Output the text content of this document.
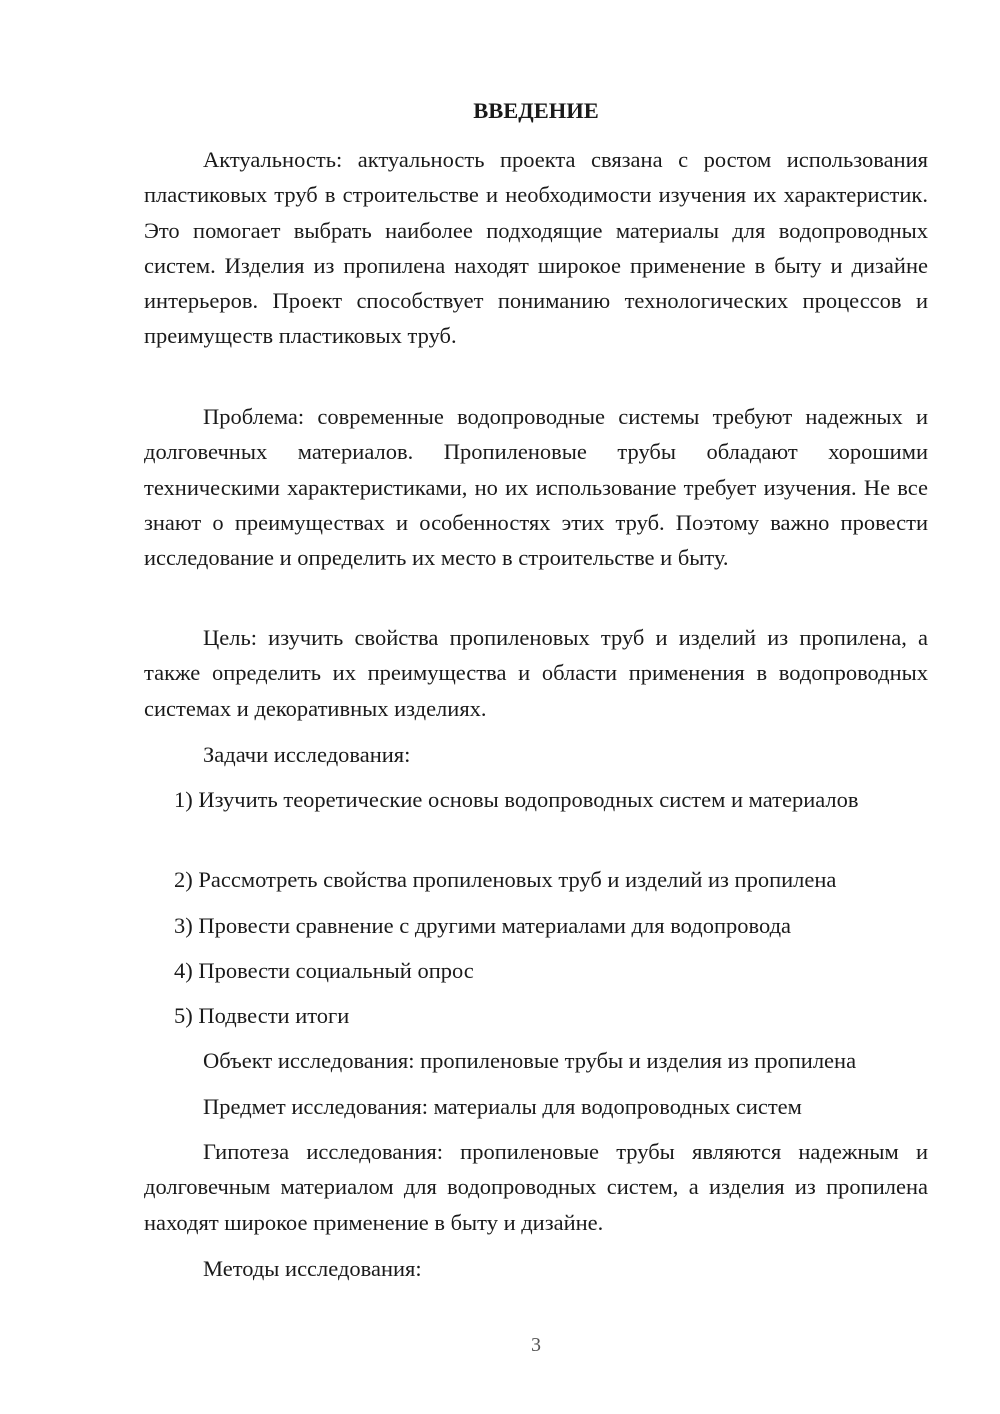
ВВЕДЕНИЕ

Актуальность: актуальность проекта связана с ростом использования пластиковых труб в строительстве и необходимости изучения их характеристик. Это помогает выбрать наиболее подходящие материалы для водопроводных систем. Изделия из пропилена находят широкое применение в быту и дизайне интерьеров. Проект способствует пониманию технологических процессов и преимуществ пластиковых труб.

Проблема: современные водопроводные системы требуют надежных и долговечных материалов. Пропиленовые трубы обладают хорошими техническими характеристиками, но их использование требует изучения. Не все знают о преимуществах и особенностях этих труб. Поэтому важно провести исследование и определить их место в строительстве и быту.

Цель: изучить свойства пропиленовых труб и изделий из пропилена, а также определить их преимущества и области применения в водопроводных системах и декоративных изделиях.

Задачи исследования:

1) Изучить теоретические основы водопроводных систем и материалов

2) Рассмотреть свойства пропиленовых труб и изделий из пропилена

3) Провести сравнение с другими материалами для водопровода

4) Провести социальный опрос

5) Подвести итоги

Объект исследования: пропиленовые трубы и изделия из пропилена

Предмет исследования: материалы для водопроводных систем

Гипотеза исследования: пропиленовые трубы являются надежным и долговечным материалом для водопроводных систем, а изделия из пропилена находят широкое применение в быту и дизайне.

Методы исследования:

3
